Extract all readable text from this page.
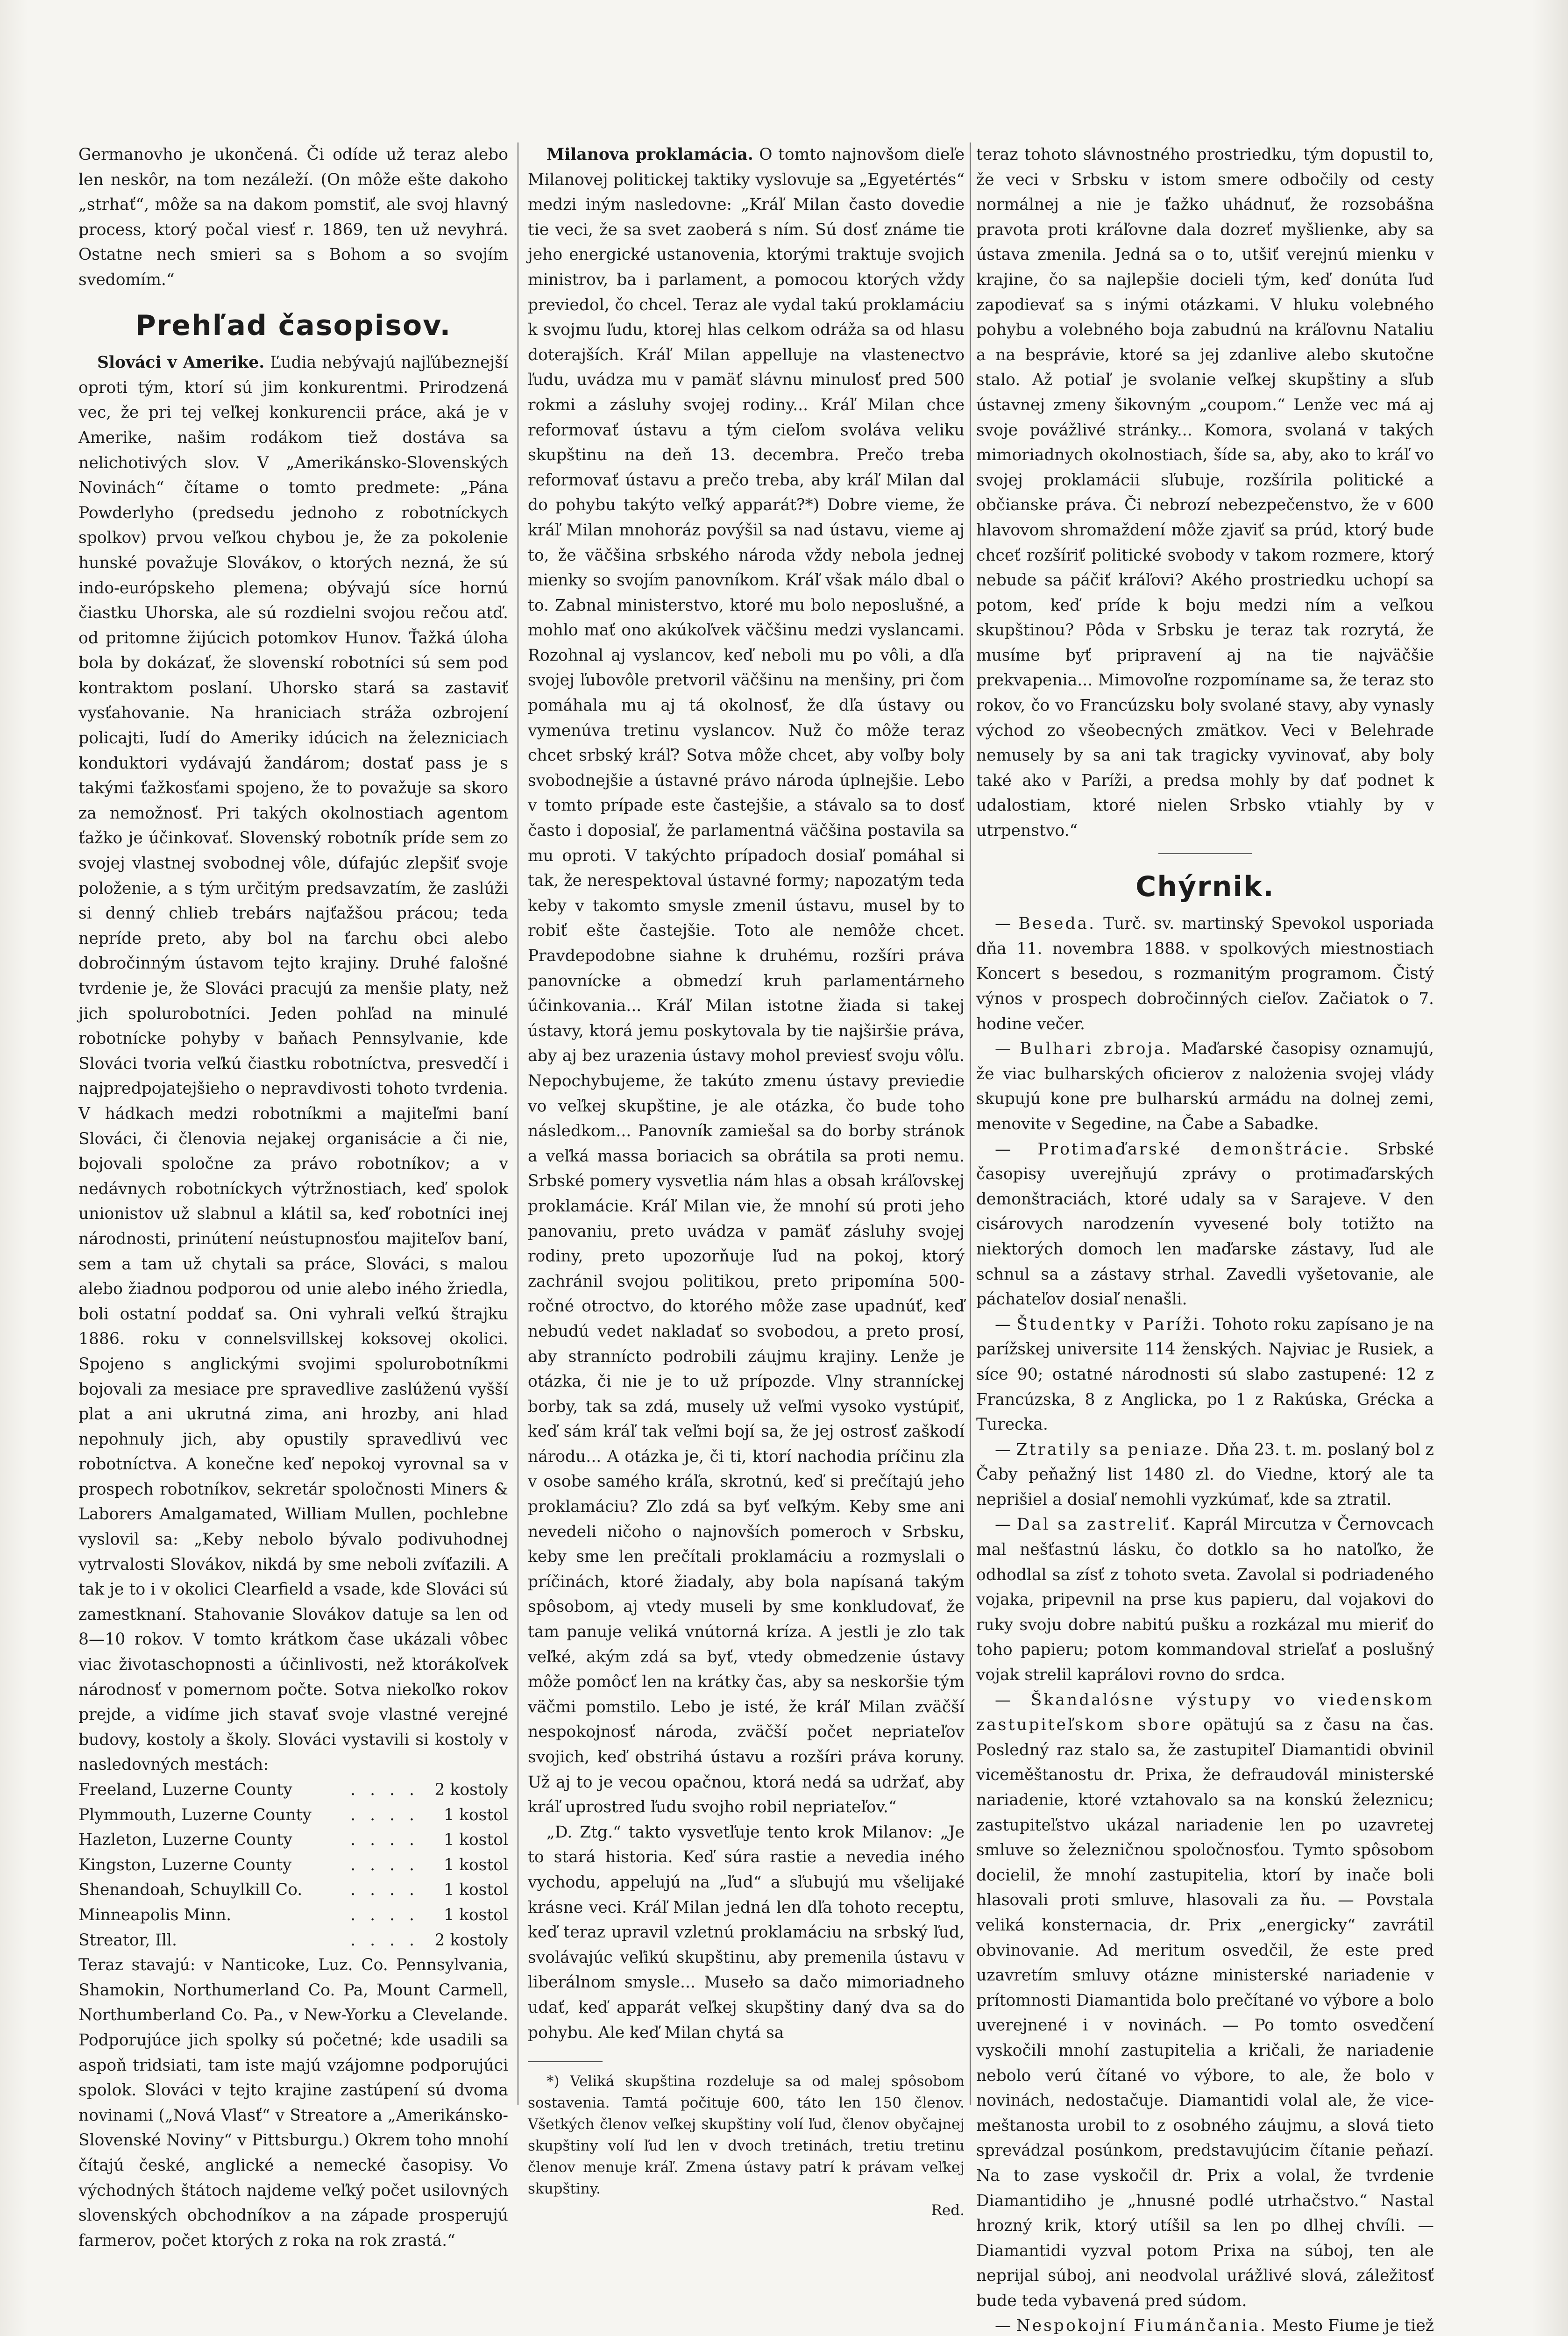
Germanovho je ukončená. Či odíde už teraz alebo len neskôr, na tom nezáleží. (On môže ešte dakoho „strhať“, môže sa na dakom pomstiť, ale svoj hlavný process, ktorý počal viesť r. 1869, ten už nevyhrá. Ostatne nech smieri sa s Bohom a so svojím svedomím.“

Prehľad časopisov.

Slováci v Amerike. Ľudia nebývajú najľúbeznejší oproti tým, ktorí sú jim konkurentmi. Prirodzená vec, že pri tej veľkej konkurencii práce, aká je v Amerike, našim rodákom tiež dostáva sa nelichotivých slov. V „Amerikánsko-Slovenských Novinách“ čítame o tomto predmete: „Pána Powderlyho (predsedu jednoho z robotníckych spolkov) prvou veľkou chybou je, že za pokolenie hunské považuje Slovákov, o ktorých nezná, že sú indo-európskeho plemena; obývajú síce hornú čiastku Uhorska, ale sú rozdielni svojou rečou atď. od pritomne žijúcich potomkov Hunov. Ťažká úloha bola by dokázať, že slovenskí robotníci sú sem pod kontraktom poslaní. Uhorsko stará sa zastaviť vysťahovanie. Na hraniciach stráža ozbrojení policajti, ľudí do Ameriky idúcich na železniciach konduktori vydávajú žandárom; dostať pass je s takými ťažkosťami spojeno, že to považuje sa skoro za nemožnosť. Pri takých okolnostiach agentom ťažko je účinkovať. Slovenský robotník príde sem zo svojej vlastnej svobodnej vôle, dúfajúc zlepšiť svoje položenie, a s tým určitým predsavzatím, že zaslúži si denný chlieb trebárs najťažšou prácou; teda nepríde preto, aby bol na ťarchu obci alebo dobročinným ústavom tejto krajiny. Druhé falošné tvrdenie je, že Slováci pracujú za menšie platy, než jich spolurobotníci. Jeden pohľad na minulé robotnícke pohyby v baňach Pennsylvanie, kde Slováci tvoria veľkú čiastku robotníctva, presvedčí i najpredpojatejšieho o nepravdivosti tohoto tvrdenia. V hádkach medzi robotníkmi a majiteľmi baní Slováci, či členovia nejakej organisácie a či nie, bojovali spoločne za právo robotníkov; a v nedávnych robotníckych výtržnostiach, keď spolok unionistov už slabnul a klátil sa, keď robotníci inej národnosti, prinútení neústupnosťou majiteľov baní, sem a tam už chytali sa práce, Slováci, s malou alebo žiadnou podporou od unie alebo iného žriedla, boli ostatní poddať sa. Oni vyhrali veľkú štrajku 1886. roku v connelsvillskej koksovej okolici. Spojeno s anglickými svojimi spolurobotníkmi bojovali za mesiace pre spravedlive zaslúženú vyšší plat a ani ukrutná zima, ani hrozby, ani hlad nepohnuly jich, aby opustily spravedlivú vec robotníctva. A konečne keď nepokoj vyrovnal sa v prospech robotníkov, sekretár spoločnosti Miners & Laborers Amalgamated, William Mullen, pochlebne vyslovil sa: „Keby nebolo bývalo podivuhodnej vytrvalosti Slovákov, nikdá by sme neboli zvíťazili. A tak je to i v okolici Clearfield a vsade, kde Slováci sú zamestknaní. Stahovanie Slovákov datuje sa len od 8—10 rokov. V tomto krátkom čase ukázali vôbec viac životaschopnosti a účinlivosti, než ktorákoľvek národnosť v pomernom počte. Sotva niekoľko rokov prejde, a vidíme jich stavať svoje vlastné verejné budovy, kostoly a školy. Slováci vystavili si kostoly v nasledovných mestách:

Freeland, Luzerne County	. . . .	2 kostoly
Plymmouth, Luzerne County	. . . .	1 kostol
Hazleton, Luzerne County	. . . .	1 kostol
Kingston, Luzerne County	. . . .	1 kostol
Shenandoah, Schuylkill Co.	. . . .	1 kostol
Minneapolis Minn.	. . . .	1 kostol
Streator, Ill.	. . . .	2 kostoly

Teraz stavajú: v Nanticoke, Luz. Co. Pennsylvania, Shamokin, Northumerland Co. Pa, Mount Carmell, Northumberland Co. Pa., v New-Yorku a Clevelande. Podporujúce jich spolky sú početné; kde usadili sa aspoň tridsiati, tam iste majú vzájomne podporujúci spolok. Slováci v tejto krajine zastúpení sú dvoma novinami („Nová Vlasť“ v Streatore a „Amerikánsko-Slovenské Noviny“ v Pittsburgu.) Okrem toho mnohí čítajú české, anglické a nemecké časopisy. Vo východných štátoch najdeme veľký počet usilovných slovenských obchodníkov a na západe prosperujú farmerov, počet ktorých z roka na rok zrastá.“

Milanova proklamácia. O tomto najnovšom dieľe Milanovej politickej taktiky vyslovuje sa „Egyetértés“ medzi iným nasledovne: „Kráľ Milan často dovedie tie veci, že sa svet zaoberá s ním. Sú dosť známe tie jeho energické ustanovenia, ktorými traktuje svojich ministrov, ba i parlament, a pomocou ktorých vždy previedol, čo chcel. Teraz ale vydal takú proklamáciu k svojmu ľudu, ktorej hlas celkom odráža sa od hlasu doterajších. Kráľ Milan appelluje na vlastenectvo ľudu, uvádza mu v pamäť slávnu minulosť pred 500 rokmi a zásluhy svojej rodiny... Kráľ Milan chce reformovať ústavu a tým cieľom svoláva veliku skupštinu na deň 13. decembra. Prečo treba reformovať ústavu a prečo treba, aby kráľ Milan dal do pohybu takýto veľký apparát?*) Dobre vieme, že kráľ Milan mnohoráz povýšil sa nad ústavu, vieme aj to, že väčšina srbského národa vždy nebola jednej mienky so svojím panovníkom. Kráľ však málo dbal o to. Zabnal ministerstvo, ktoré mu bolo neposlušné, a mohlo mať ono akúkoľvek väčšinu medzi vyslancami. Rozohnal aj vyslancov, keď neboli mu po vôli, a dľa svojej ľubovôle pretvoril väčšinu na menšiny, pri čom pomáhala mu aj tá okolnosť, že dľa ústavy ou vymenúva tretinu vyslancov. Nuž čo môže teraz chcet srbský kráľ? Sotva môže chcet, aby voľby boly svobodnejšie a ústavné právo národa úplnejšie. Lebo v tomto prípade este častejšie, a stávalo sa to dosť často i doposiaľ, že parlamentná väčšina postavila sa mu oproti. V takýchto prípadoch dosiaľ pomáhal si tak, že nerespektoval ústavné formy; napozatým teda keby v takomto smysle zmenil ústavu, musel by to robiť ešte častejšie. Toto ale nemôže chcet. Pravdepodobne siahne k druhému, rozšíri práva panovnícke a obmedzí kruh parlamentárneho účinkovania... Kráľ Milan istotne žiada si takej ústavy, ktorá jemu poskytovala by tie najširšie práva, aby aj bez urazenia ústavy mohol previesť svoju vôľu. Nepochybujeme, že takúto zmenu ústavy previedie vo veľkej skupštine, je ale otázka, čo bude toho následkom... Panovník zamiešal sa do borby stránok a veľká massa boriacich sa obrátila sa proti nemu. Srbské pomery vysvetlia nám hlas a obsah kráľovskej proklamácie. Kráľ Milan vie, že mnohí sú proti jeho panovaniu, preto uvádza v pamäť zásluhy svojej rodiny, preto upozorňuje ľud na pokoj, ktorý zachránil svojou politikou, preto pripomína 500-ročné otroctvo, do ktorého môže zase upadnúť, keď nebudú vedet nakladať so svobodou, a preto prosí, aby strannícto podrobili záujmu krajiny. Lenže je otázka, či nie je to už prípozde. Vlny stranníckej borby, tak sa zdá, musely už veľmi vysoko vystúpiť, keď sám kráľ tak veľmi bojí sa, že jej ostrosť zaškodí národu... A otázka je, či ti, ktorí nachodia príčinu zla v osobe samého kráľa, skrotnú, keď si prečítajú jeho proklamáciu? Zlo zdá sa byť veľkým. Keby sme ani nevedeli ničoho o najnovších pomeroch v Srbsku, keby sme len prečítali proklamáciu a rozmyslali o príčinách, ktoré žiadaly, aby bola napísaná takým spôsobom, aj vtedy museli by sme konkludovať, že tam panuje veliká vnútorná kríza. A jestli je zlo tak veľké, akým zdá sa byť, vtedy obmedzenie ústavy môže pomôcť len na krátky čas, aby sa neskoršie tým väčmi pomstilo. Lebo je isté, že kráľ Milan zväčší nespokojnosť národa, zväčší počet nepriateľov svojich, keď obstrihá ústavu a rozšíri práva koruny. Už aj to je vecou opačnou, ktorá nedá sa udržať, aby kráľ uprostred ľudu svojho robil nepriateľov.“

„D. Ztg.“ takto vysvetľuje tento krok Milanov: „Je to stará historia. Keď súra rastie a nevedia iného vychodu, appelujú na „ľud“ a sľubujú mu všelijaké krásne veci. Kráľ Milan jedná len dľa tohoto receptu, keď teraz upravil vzletnú proklamáciu na srbský ľud, svolávajúc veľikú skupštinu, aby premenila ústavu v liberálnom smysle... Museło sa dačo mimoriadneho udať, keď apparát veľkej skupštiny daný dva sa do pohybu. Ale keď Milan chytá sa

*) Veliká skupština rozdeluje sa od malej spôsobom sostavenia. Tamtá počituje 600, táto len 150 členov. Všetkých členov veľkej skupštiny volí ľud, členov obyčajnej skupštiny volí ľud len v dvoch tretinách, tretiu tretinu členov menuje kráľ. Zmena ústavy patrí k právam veľkej skupštiny.

Red.

teraz tohoto slávnostného prostriedku, tým dopustil to, že veci v Srbsku v istom smere odbočily od cesty normálnej a nie je ťažko uhádnuť, že rozsobášna pravota proti kráľovne dala dozreť myšlienke, aby sa ústava zmenila. Jedná sa o to, utšiť verejnú mienku v krajine, čo sa najlepšie docieli tým, keď donúta ľud zapodievať sa s inými otázkami. V hluku volebného pohybu a volebného boja zabudnú na kráľovnu Nataliu a na besprávie, ktoré sa jej zdanlive alebo skutočne stalo. Až potiaľ je svolanie veľkej skupštiny a sľub ústavnej zmeny šikovným „coupom.“ Lenže vec má aj svoje povážlivé stránky... Komora, svolaná v takých mimoriadnych okolnostiach, šíde sa, aby, ako to kráľ vo svojej proklamácii sľubuje, rozšírila politické a občianske práva. Či nebrozí nebezpečenstvo, že v 600 hlavovom shromaždení môže zjaviť sa prúd, ktorý bude chceť rozšíriť politické svobody v takom rozmere, ktorý nebude sa páčiť kráľovi? Akého prostriedku uchopí sa potom, keď príde k boju medzi ním a veľkou skupštinou? Pôda v Srbsku je teraz tak rozrytá, že musíme byť pripravení aj na tie najväčšie prekvapenia... Mimovoľne rozpomíname sa, že teraz sto rokov, čo vo Francúzsku boly svolané stavy, aby vynasly východ zo všeobecných zmätkov. Veci v Belehrade nemusely by sa ani tak tragicky vyvinovať, aby boly také ako v Paríži, a predsa mohly by dať podnet k udalostiam, ktoré nielen Srbsko vtiahly by v utrpenstvo.“

Chýrnik.

— Beseda. Turč. sv. martinský Spevokol usporiada dňa 11. novembra 1888. v spolkových miestnostiach Koncert s besedou, s rozmanitým programom. Čistý výnos v prospech dobročinných cieľov. Začiatok o 7. hodine večer.

— Bulhari zbroja. Maďarské časopisy oznamujú, že viac bulharských oficierov z nalożenia svojej vlády skupujú kone pre bulharskú armádu na dolnej zemi, menovite v Segedine, na Čabe a Sabadke.

— Protimaďarské demonštrácie. Srbské časopisy uverejňujú zprávy o protimaďarských demonštraciách, ktoré udaly sa v Sarajeve. V den cisárovych narodzenín vyvesené boly totižto na niektorých domoch len maďarske zástavy, ľud ale schnul sa a zástavy strhal. Zavedli vyšetovanie, ale páchateľov dosiaľ nenašli.

— Študentky v Paríži. Tohoto roku zapísano je na parížskej universite 114 ženských. Najviac je Rusiek, a síce 90; ostatné národnosti sú slabo zastupené: 12 z Francúzska, 8 z Anglicka, po 1 z Rakúska, Grécka a Turecka.

— Ztratily sa peniaze. Dňa 23. t. m. poslaný bol z Čaby peňažný list 1480 zl. do Viedne, ktorý ale ta neprišiel a dosiaľ nemohli vyzkúmať, kde sa ztratil.

— Dal sa zastreliť. Kaprál Mircutza v Černovcach mal nešťastnú lásku, čo dotklo sa ho natoľko, že odhodlal sa zísť z tohoto sveta. Zavolal si podriadeného vojaka, pripevnil na prse kus papieru, dal vojakovi do ruky svoju dobre nabitú pušku a rozkázal mu mieriť do toho papieru; potom kommandoval strieľať a poslušný vojak strelil kaprálovi rovno do srdca.

— Škandalósne výstupy vo viedenskom zastupiteľskom sbore opätujú sa z času na čas. Posledný raz stalo sa, že zastupiteľ Diamantidi obvinil viceměštanostu dr. Prixa, že defraudovál ministerské nariadenie, ktoré vztahovalo sa na konskú železnicu; zastupiteľstvo ukázal nariadenie len po uzavretej smluve so železničnou spoločnosťou. Tymto spôsobom docielil, že mnohí zastupitelia, ktorí by inače boli hlasovali proti smluve, hlasovali za ňu. — Povstala veliká konsternacia, dr. Prix „energicky“ zavrátil obvinovanie. Ad meritum osvedčil, že este pred uzavretím smluvy otázne ministerské nariadenie v prítomnosti Diamantida bolo prečítané vo výbore a bolo uverejnené i v novinách. — Po tomto osvedčení vyskočili mnohí zastupitelia a kričali, že nariadenie nebolo verú čítané vo výbore, to ale, že bolo v novinách, nedostačuje. Diamantidi volal ale, že vice-meštanosta urobil to z osobného záujmu, a slová tieto sprevádzal posúnkom, predstavujúcim čítanie peňazí. Na to zase vyskočil dr. Prix a volal, že tvrdenie Diamantidiho je „hnusné podlé utrhačstvo.“ Nastal hrozný krik, ktorý utíšil sa len po dlhej chvíli. — Diamantidi vyzval potom Prixa na súboj, ten ale neprijal súboj, ani neodvolal urážlivé slová, záležitosť bude teda vybavená pred súdom.

— Nespokojní Fiumánčania. Mesto Fiume je tiež
